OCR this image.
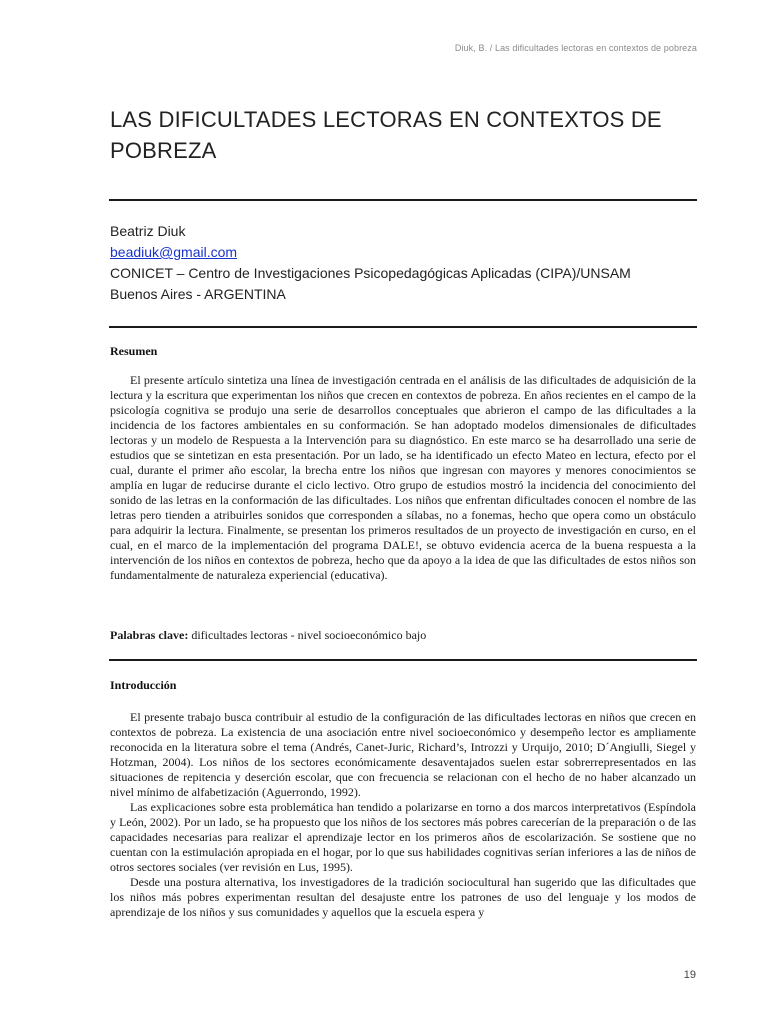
Diuk, B. / Las dificultades lectoras en contextos de pobreza
LAS DIFICULTADES LECTORAS EN CONTEXTOS DE POBREZA
Beatriz Diuk
beadiuk@gmail.com
CONICET – Centro de Investigaciones Psicopedagógicas Aplicadas (CIPA)/UNSAM
Buenos Aires - ARGENTINA
Resumen

El presente artículo sintetiza una línea de investigación centrada en el análisis de las dificultades de adquisición de la lectura y la escritura que experimentan los niños que crecen en contextos de pobreza. En años recientes en el campo de la psicología cognitiva se produjo una serie de desarrollos conceptuales que abrieron el campo de las dificultades a la incidencia de los factores ambientales en su conformación. Se han adoptado modelos dimensionales de dificultades lectoras y un modelo de Respuesta a la Intervención para su diagnóstico. En este marco se ha desarrollado una serie de estudios que se sintetizan en esta presentación. Por un lado, se ha identificado un efecto Mateo en lectura, efecto por el cual, durante el primer año escolar, la brecha entre los niños que ingresan con mayores y menores conocimientos se amplía en lugar de reducirse durante el ciclo lectivo. Otro grupo de estudios mostró la incidencia del conocimiento del sonido de las letras en la conformación de las dificultades. Los niños que enfrentan dificultades conocen el nombre de las letras pero tienden a atribuirles sonidos que corresponden a sílabas, no a fonemas, hecho que opera como un obstáculo para adquirir la lectura. Finalmente, se presentan los primeros resultados de un proyecto de investigación en curso, en el cual, en el marco de la implementación del programa DALE!, se obtuvo evidencia acerca de la buena respuesta a la intervención de los niños en contextos de pobreza, hecho que da apoyo a la idea de que las dificultades de estos niños son fundamentalmente de naturaleza experiencial (educativa).

Palabras clave: dificultades lectoras - nivel socioeconómico bajo
Introducción

El presente trabajo busca contribuir al estudio de la configuración de las dificultades lectoras en niños que crecen en contextos de pobreza. La existencia de una asociación entre nivel socioeconómico y desempeño lector es ampliamente reconocida en la literatura sobre el tema (Andrés, Canet-Juric, Richard’s, Introzzi y Urquijo, 2010; D´Angiulli, Siegel y Hotzman, 2004). Los niños de los sectores económicamente desaventajados suelen estar sobrerrepresentados en las situaciones de repitencia y deserción escolar, que con frecuencia se relacionan con el hecho de no haber alcanzado un nivel mínimo de alfabetización (Aguerrondo, 1992).

Las explicaciones sobre esta problemática han tendido a polarizarse en torno a dos marcos interpretativos (Espíndola y León, 2002). Por un lado, se ha propuesto que los niños de los sectores más pobres carecerían de la preparación o de las capacidades necesarias para realizar el aprendizaje lector en los primeros años de escolarización. Se sostiene que no cuentan con la estimulación apropiada en el hogar, por lo que sus habilidades cognitivas serían inferiores a las de niños de otros sectores sociales (ver revisión en Lus, 1995).

Desde una postura alternativa, los investigadores de la tradición sociocultural han sugerido que las dificultades que los niños más pobres experimentan resultan del desajuste entre los patrones de uso del lenguaje y los modos de aprendizaje de los niños y sus comunidades y aquellos que la escuela espera y

19
